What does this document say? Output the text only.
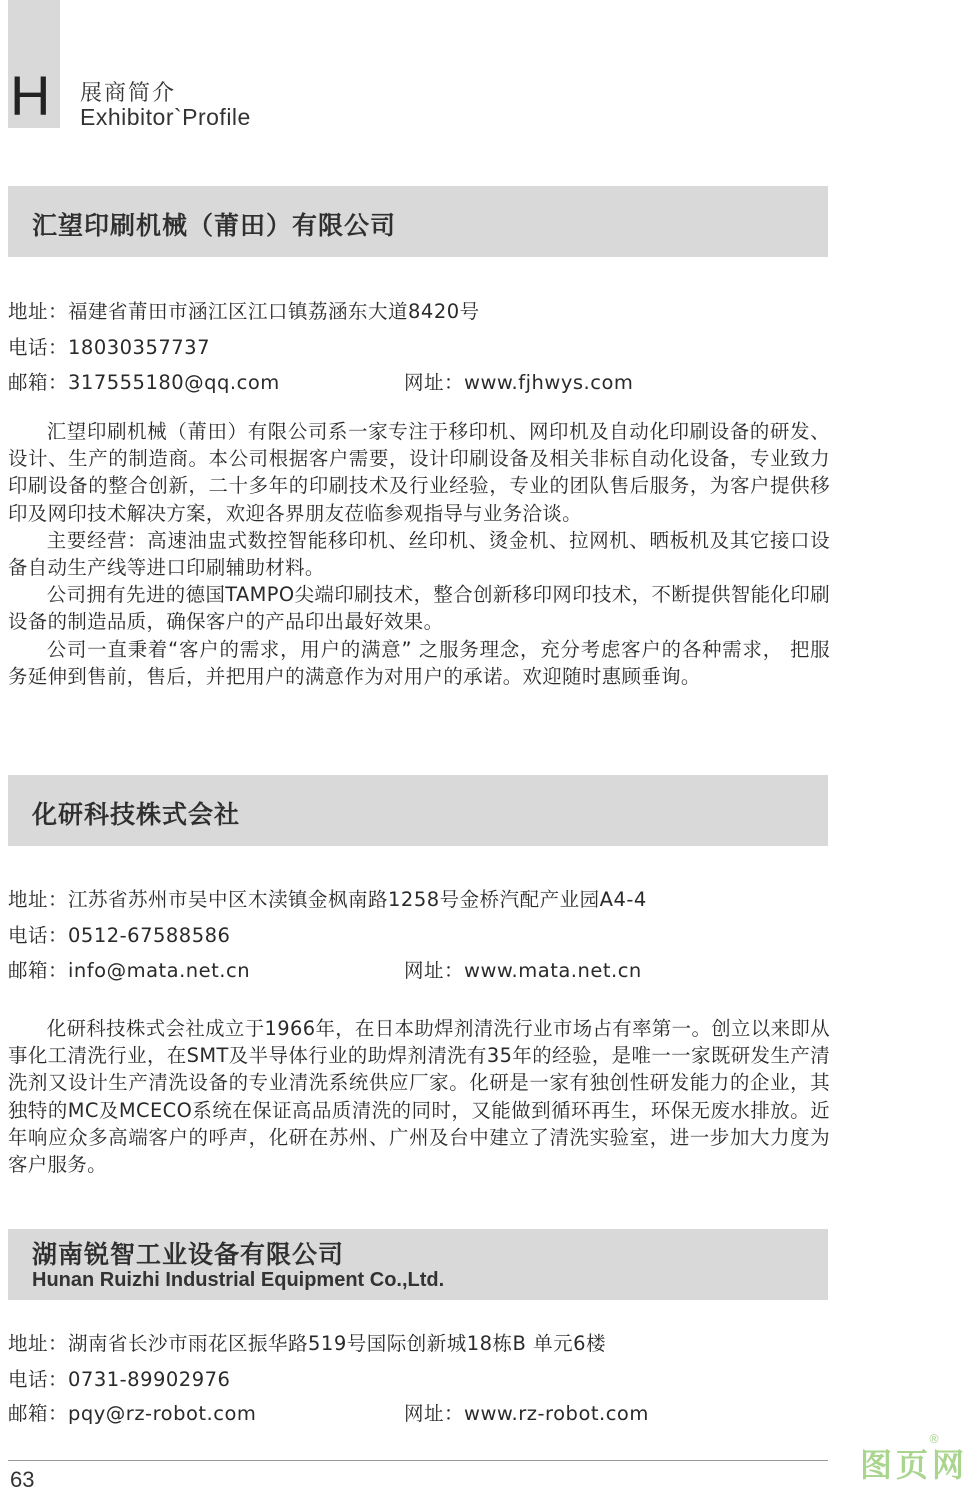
H 展商简介
Exhibitor`Profile
汇望印刷机械（莆田）有限公司
地址：福建省莆田市涵江区江口镇荔涵东大道8420号
电话：18030357737
邮箱：317555180@qq.com	网址：www.fjhwys.com

汇望印刷机械（莆田）有限公司系一家专注于移印机、网印机及自动化印刷设备的研发、设计、生产的制造商。本公司根据客户需要，设计印刷设备及相关非标自动化设备，专业致力印刷设备的整合创新，二十多年的印刷技术及行业经验，专业的团队售后服务，为客户提供移印及网印技术解决方案，欢迎各界朋友莅临参观指导与业务洽谈。

主要经营：高速油盅式数控智能移印机、丝印机、烫金机、拉网机、晒板机及其它接口设备自动生产线等进口印刷辅助材料。

公司拥有先进的德国TAMPO尖端印刷技术，整合创新移印网印技术，不断提供智能化印刷设备的制造品质，确保客户的产品印出最好效果。

公司一直秉着“客户的需求，用户的满意” 之服务理念，充分考虑客户的各种需求， 把服务延伸到售前，售后，并把用户的满意作为对用户的承诺。欢迎随时惠顾垂询。

化研科技株式会社
地址：江苏省苏州市吴中区木渎镇金枫南路1258号金桥汽配产业园A4-4
电话：0512-67588586
邮箱：info@mata.net.cn	网址：www.mata.net.cn

化研科技株式会社成立于1966年，在日本助焊剂清洗行业市场占有率第一。创立以来即从事化工清洗行业，在SMT及半导体行业的助焊剂清洗有35年的经验，是唯一一家既研发生产清洗剂又设计生产清洗设备的专业清洗系统供应厂家。化研是一家有独创性研发能力的企业，其独特的MC及MCECO系统在保证高品质清洗的同时，又能做到循环再生，环保无废水排放。近年响应众多高端客户的呼声，化研在苏州、广州及台中建立了清洗实验室，进一步加大力度为客户服务。

湖南锐智工业设备有限公司
Hunan Ruizhi Industrial Equipment Co.,Ltd.
地址：湖南省长沙市雨花区振华路519号国际创新城18栋B 单元6楼
电话：0731-89902976
邮箱：pqy@rz-robot.com	网址：www.rz-robot.com
63	图页网
®
